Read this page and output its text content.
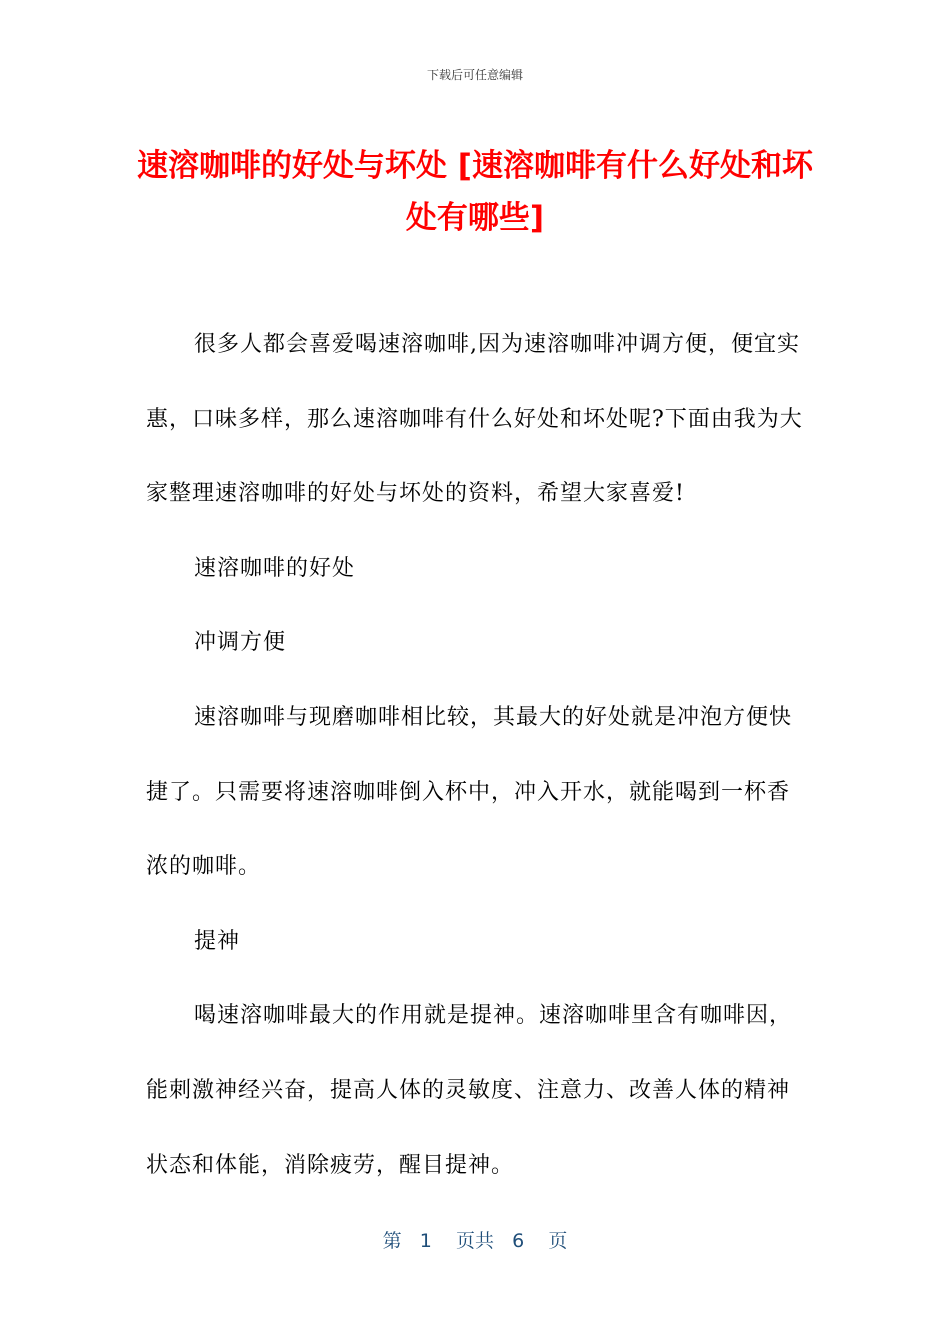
下载后可任意编辑
速溶咖啡的好处与坏处 [速溶咖啡有什么好处和坏处有哪些]

很多人都会喜爱喝速溶咖啡,因为速溶咖啡冲调方便，便宜实惠，口味多样，那么速溶咖啡有什么好处和坏处呢?下面由我为大家整理速溶咖啡的好处与坏处的资料，希望大家喜爱!

速溶咖啡的好处

冲调方便

速溶咖啡与现磨咖啡相比较，其最大的好处就是冲泡方便快捷了。只需要将速溶咖啡倒入杯中，冲入开水，就能喝到一杯香浓的咖啡。

提神

喝速溶咖啡最大的作用就是提神。速溶咖啡里含有咖啡因，能刺激神经兴奋，提高人体的灵敏度、注意力、改善人体的精神状态和体能，消除疲劳，醒目提神。

第 1 页共 6 页
